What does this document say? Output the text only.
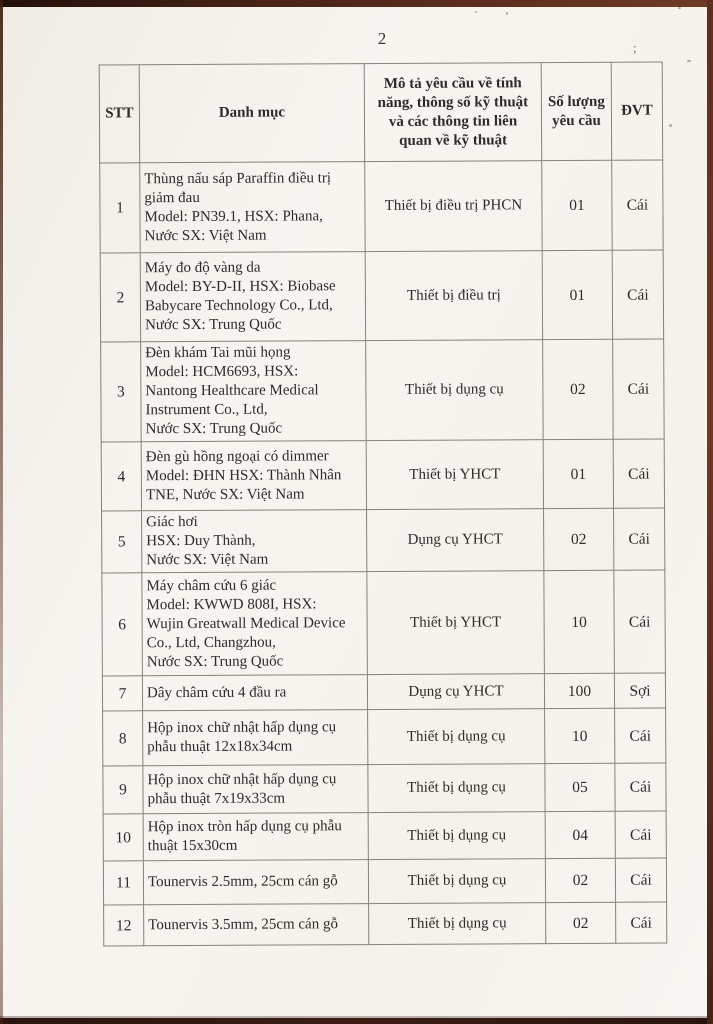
2	;
STT	Danh mục	Mô tả yêu cầu về tính
năng, thông số kỹ thuật
và các thông tin liên
quan về kỹ thuật	Số lượng
yêu cầu	ĐVT
1	Thùng nấu sáp Paraffin điều trị
giảm đau
Model: PN39.1, HSX: Phana,
Nước SX: Việt Nam	Thiết bị điều trị PHCN	01	Cái
2	Máy đo độ vàng da
Model: BY-D-II, HSX: Biobase
Babycare Technology Co., Ltd,
Nước SX: Trung Quốc	Thiết bị điều trị	01	Cái
3	Đèn khám Tai mũi họng
Model: HCM6693, HSX:
Nantong Healthcare Medical
Instrument Co., Ltd,
Nước SX: Trung Quốc	Thiết bị dụng cụ	02	Cái
4	Đèn gù hồng ngoại có dimmer
Model: ĐHN HSX: Thành Nhân
TNE, Nước SX: Việt Nam	Thiết bị YHCT	01	Cái
5	Giác hơi
HSX: Duy Thành,
Nước SX: Việt Nam	Dụng cụ YHCT	02	Cái
6	Máy châm cứu 6 giác
Model: KWWD 808I, HSX:
Wujin Greatwall Medical Device
Co., Ltd, Changzhou,
Nước SX: Trung Quốc	Thiết bị YHCT	10	Cái
7	Dây châm cứu 4 đầu ra	Dụng cụ YHCT	100	Sợi
8	Hộp inox chữ nhật hấp dụng cụ
phẫu thuật 12x18x34cm	Thiết bị dụng cụ	10	Cái
9	Hộp inox chữ nhật hấp dụng cụ
phẫu thuật 7x19x33cm	Thiết bị dụng cụ	05	Cái
10	Hộp inox tròn hấp dụng cụ phẫu
thuật 15x30cm	Thiết bị dụng cụ	04	Cái
11	Tounervis 2.5mm, 25cm cán gỗ	Thiết bị dụng cụ	02	Cái
12	Tounervis 3.5mm, 25cm cán gỗ	Thiết bị dụng cụ	02	Cái
